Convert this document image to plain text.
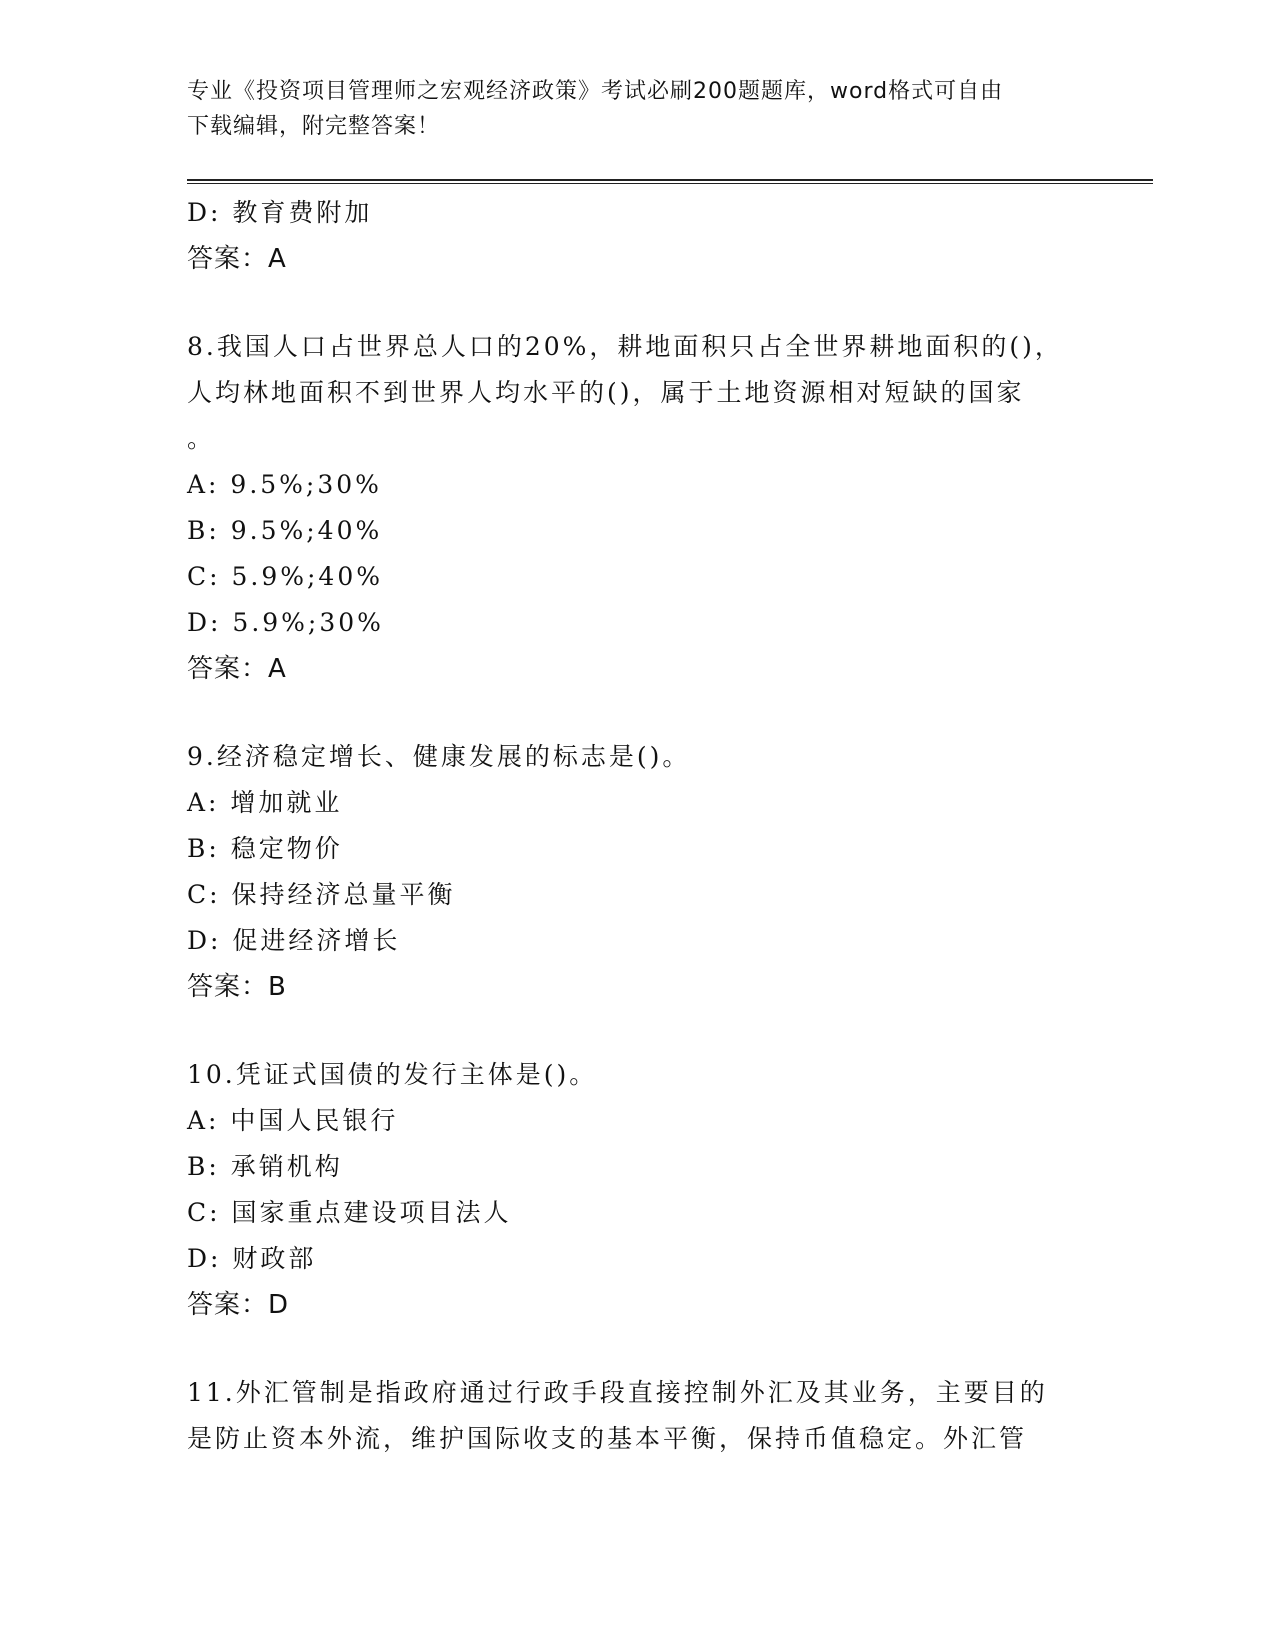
专业《投资项目管理师之宏观经济政策》考试必刷200题题库，word格式可自由
下载编辑，附完整答案！
D: 教育费附加
答案：A
8.我国人口占世界总人口的20%，耕地面积只占全世界耕地面积的()，
人均林地面积不到世界人均水平的()，属于土地资源相对短缺的国家
。
A: 9.5%;30%
B: 9.5%;40%
C: 5.9%;40%
D: 5.9%;30%
答案：A
9.经济稳定增长、健康发展的标志是()。
A: 增加就业
B: 稳定物价
C: 保持经济总量平衡
D: 促进经济增长
答案：B
10.凭证式国债的发行主体是()。
A: 中国人民银行
B: 承销机构
C: 国家重点建设项目法人
D: 财政部
答案：D
11.外汇管制是指政府通过行政手段直接控制外汇及其业务，主要目的
是防止资本外流，维护国际收支的基本平衡，保持币值稳定。外汇管
